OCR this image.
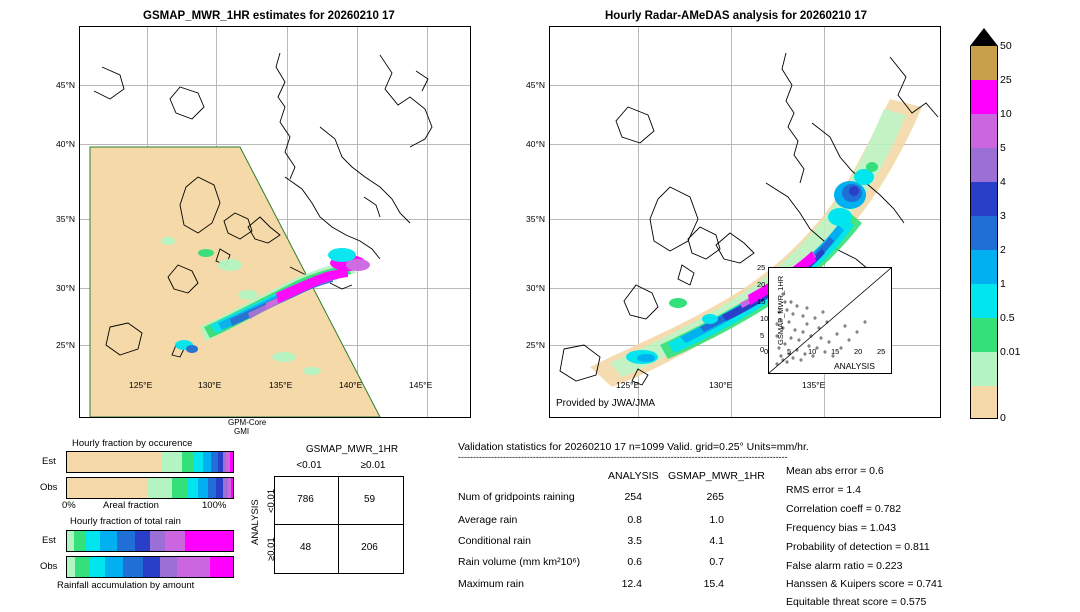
GSMAP_MWR_1HR estimates for 20260210 17
45°N
40°N
35°N
30°N
25°N
125°E	130°E	135°E	140°E	145°E
GPM-Core
GMI
Hourly Radar-AMeDAS analysis for 20260210 17
0	5 10 15 20 25
ANALYSIS
25
20
15
10
5
0
GSMAP_MWR_1HR
45°N
40°N
35°N
30°N
25°N
125°E	130°E	135°E
Provided by JWA/JMA
50
25
10
5
4
3
2
1
0.5
0.01
0
Hourly fraction by occurence
Est
Obs
0%	Areal fraction	100%
Hourly fraction of total rain
Est
Obs
Rainfall accumulation by amount
GSMAP_MWR_1HR
<0.01	≥0.01
ANALYSIS <0.01
≥0.01
786	59
48	206
Validation statistics for 20260210 17 n=1099 Valid. grid=0.25° Units=mm/hr.
--------------------------------------------------------------------------------------------------------------
ANALYSIS GSMAP_MWR_1HR
Num of gridpoints raining	254	265
Average rain	0.8	1.0
Conditional rain	3.5	4.1
Rain volume (mm km²10⁶)	0.6	0.7
Maximum rain	12.4	15.4
Mean abs error = 0.6
RMS error = 1.4
Correlation coeff = 0.782
Frequency bias = 1.043
Probability of detection = 0.811
False alarm ratio = 0.223
Hanssen & Kuipers score = 0.741
Equitable threat score = 0.575
